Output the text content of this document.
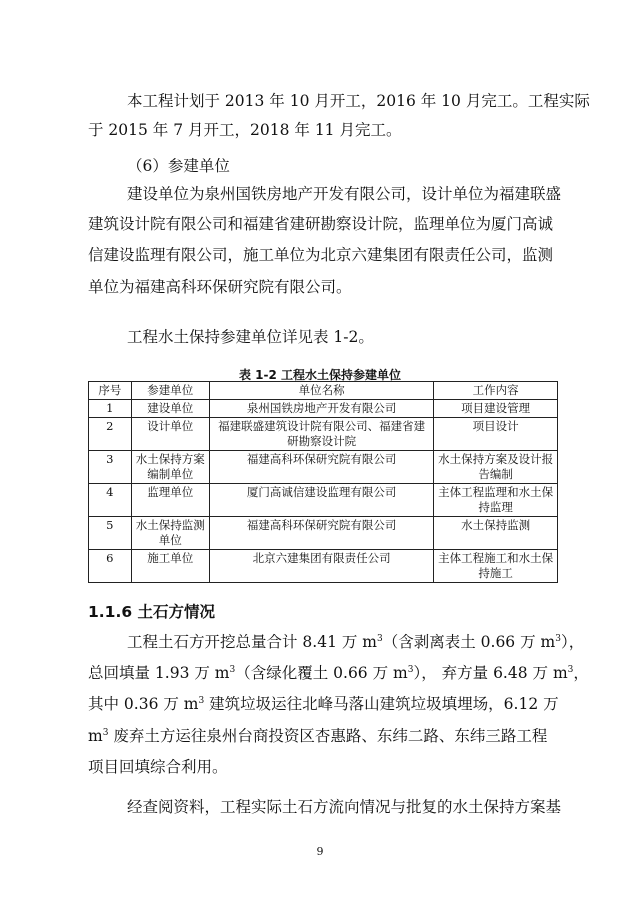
本工程计划于 2013 年 10 月开工，2016 年 10 月完工。工程实际
于 2015 年 7 月开工，2018 年 11 月完工。
（6）参建单位
建设单位为泉州国铁房地产开发有限公司，设计单位为福建联盛
建筑设计院有限公司和福建省建研勘察设计院，监理单位为厦门高诚
信建设监理有限公司，施工单位为北京六建集团有限责任公司，监测
单位为福建高科环保研究院有限公司。
工程水土保持参建单位详见表 1-2。
表 1-2 工程水土保持参建单位
序号	参建单位	单位名称	工作内容
1	建设单位	泉州国铁房地产开发有限公司	项目建设管理
2	设计单位	福建联盛建筑设计院有限公司、福建省建研勘察设计院	项目设计
3	水土保持方案编制单位	福建高科环保研究院有限公司	水土保持方案及设计报告编制
4	监理单位	厦门高诚信建设监理有限公司	主体工程监理和水土保持监理
5	水土保持监测单位	福建高科环保研究院有限公司	水土保持监测
6	施工单位	北京六建集团有限责任公司	主体工程施工和水土保持施工
1.1.6 土石方情况
工程土石方开挖总量合计 8.41 万 $m^3$（含剥离表土 0.66 万 $m^3$），
总回填量 1.93 万 $m^3$（含绿化覆土 0.66 万 $m^3$）， 弃方量 6.48 万 $m^3$，
其中 0.36 万 $m^3$ 建筑垃圾运往北峰马落山建筑垃圾填埋场，6.12 万
$m^3$ 废弃土方运往泉州台商投资区杏惠路、东纬二路、东纬三路工程
项目回填综合利用。
经查阅资料，工程实际土石方流向情况与批复的水土保持方案基
9
